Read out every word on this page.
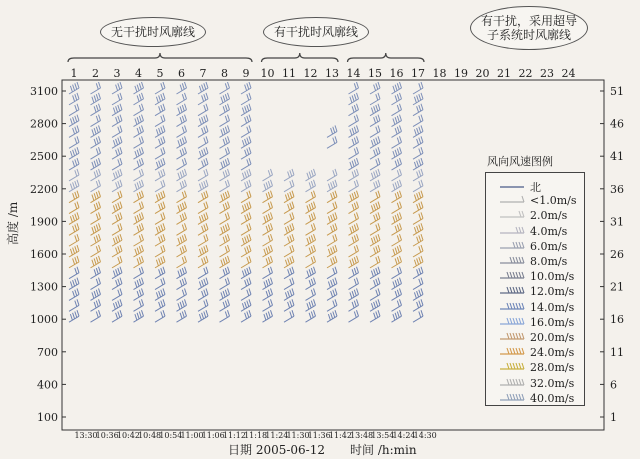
1 2 3 4 5 6 7 8 9 10 11 12 13 14 15 16 17 18 19 20 21 22 23 24
100
400
700
1000
1300
1600
1900
2200
2500
2800
3100
1
6
11
16
21
26
31
36
41
46
51
13:30
10:36
10:42
10:48
10:54
11:00
11:06
11:12
11:18
11:24
11:30
11:36
11:42
13:48
13:54
14:24
14:30
无干扰时风廓线	有干扰时风廓线
有干扰，采用超导子系统时风廓线
高度 /m
日期 2005-06-12 时间 /h:min
风向风速图例
北
<1.0m/s
2.0m/s
4.0m/s
6.0m/s
8.0m/s
10.0m/s
12.0m/s
14.0m/s
16.0m/s
20.0m/s
24.0m/s
28.0m/s
32.0m/s
40.0m/s
